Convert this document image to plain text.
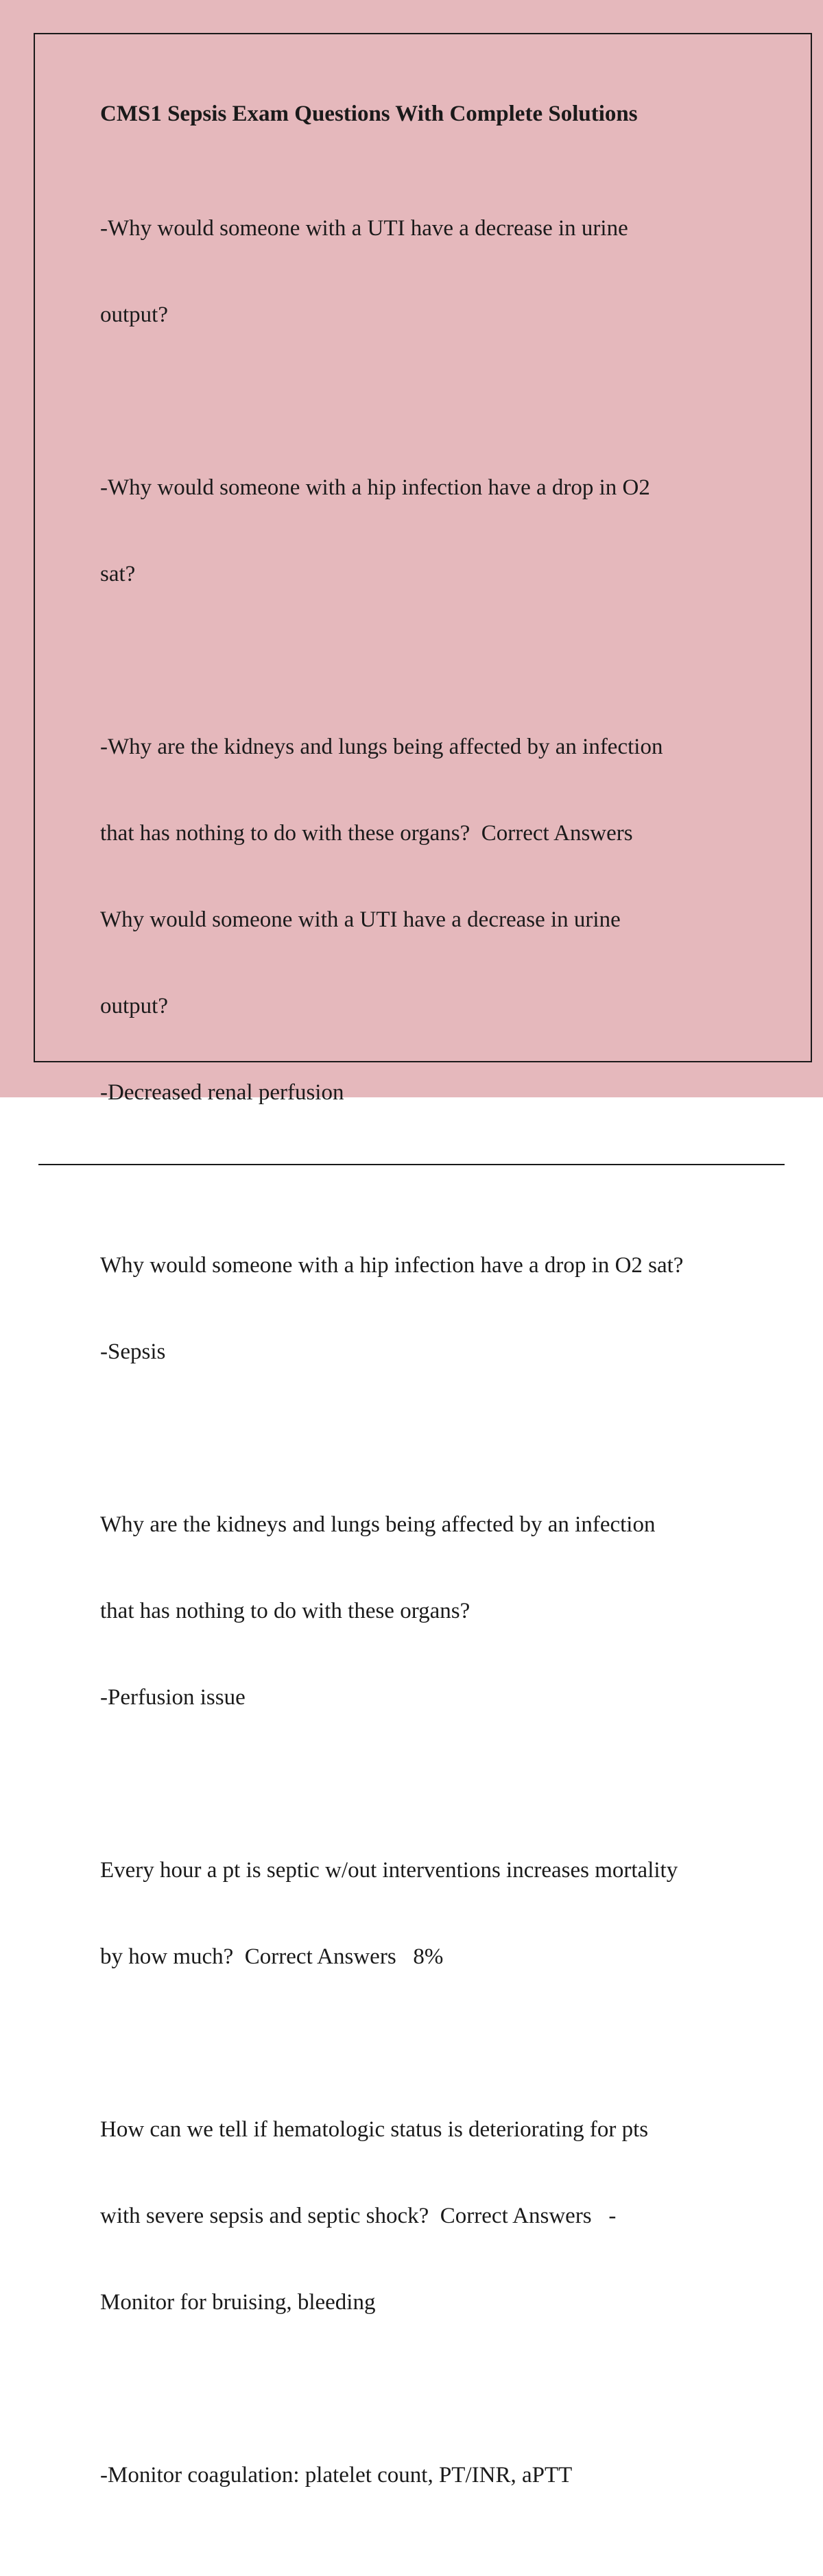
CMS1 Sepsis Exam Questions With Complete Solutions

-Why would someone with a UTI have a decrease in urine

output?

-Why would someone with a hip infection have a drop in O2

sat?

-Why are the kidneys and lungs being affected by an infection

that has nothing to do with these organs?  Correct Answers

Why would someone with a UTI have a decrease in urine

output?

-Decreased renal perfusion

Why would someone with a hip infection have a drop in O2 sat?

-Sepsis

Why are the kidneys and lungs being affected by an infection

that has nothing to do with these organs?

-Perfusion issue

Every hour a pt is septic w/out interventions increases mortality

by how much?  Correct Answers   8%

How can we tell if hematologic status is deteriorating for pts

with severe sepsis and septic shock?  Correct Answers   -

Monitor for bruising, bleeding

-Monitor coagulation: platelet count, PT/INR, aPTT
